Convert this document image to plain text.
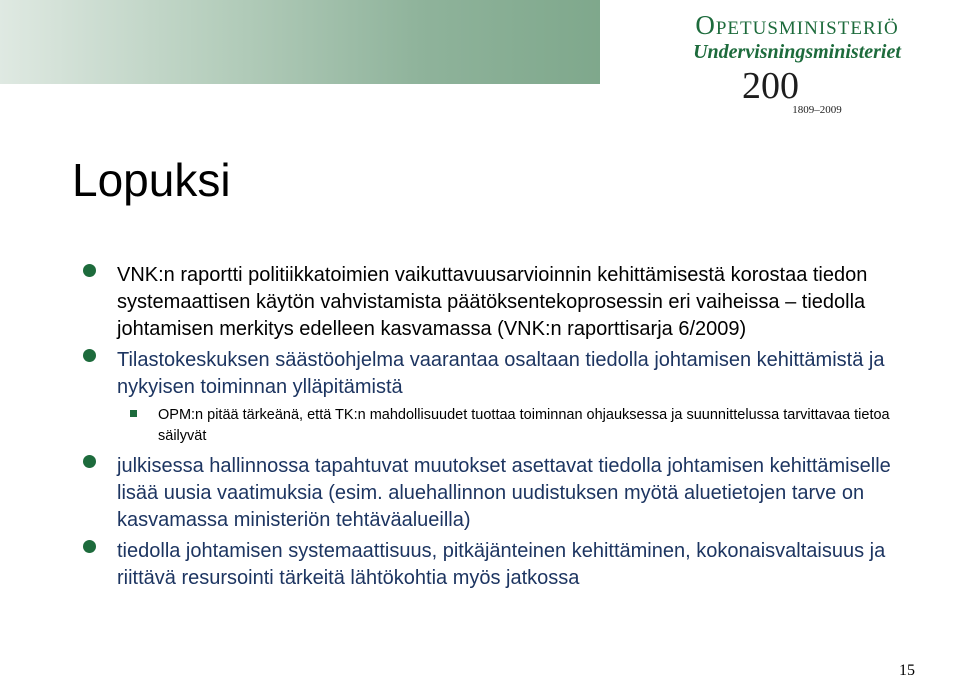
Opetusministeriö
Undervisningsministeriet
200
1809–2009
Lopuksi
VNK:n raportti politiikkatoimien vaikuttavuusarvioinnin kehittämisestä korostaa tiedon systemaattisen käytön vahvistamista päätöksentekoprosessin eri vaiheissa – tiedolla johtamisen merkitys edelleen kasvamassa (VNK:n raporttisarja 6/2009)
Tilastokeskuksen säästöohjelma vaarantaa osaltaan tiedolla johtamisen kehittämistä ja nykyisen toiminnan ylläpitämistä
OPM:n pitää tärkeänä, että TK:n mahdollisuudet tuottaa toiminnan ohjauksessa ja suunnittelussa tarvittavaa tietoa säilyvät
julkisessa hallinnossa tapahtuvat muutokset asettavat tiedolla johtamisen kehittämiselle lisää uusia vaatimuksia (esim. aluehallinnon uudistuksen myötä aluetietojen tarve on kasvamassa ministeriön tehtäväalueilla)
tiedolla johtamisen systemaattisuus, pitkäjänteinen kehittäminen, kokonaisvaltaisuus ja riittävä resursointi tärkeitä lähtökohtia myös jatkossa
15
